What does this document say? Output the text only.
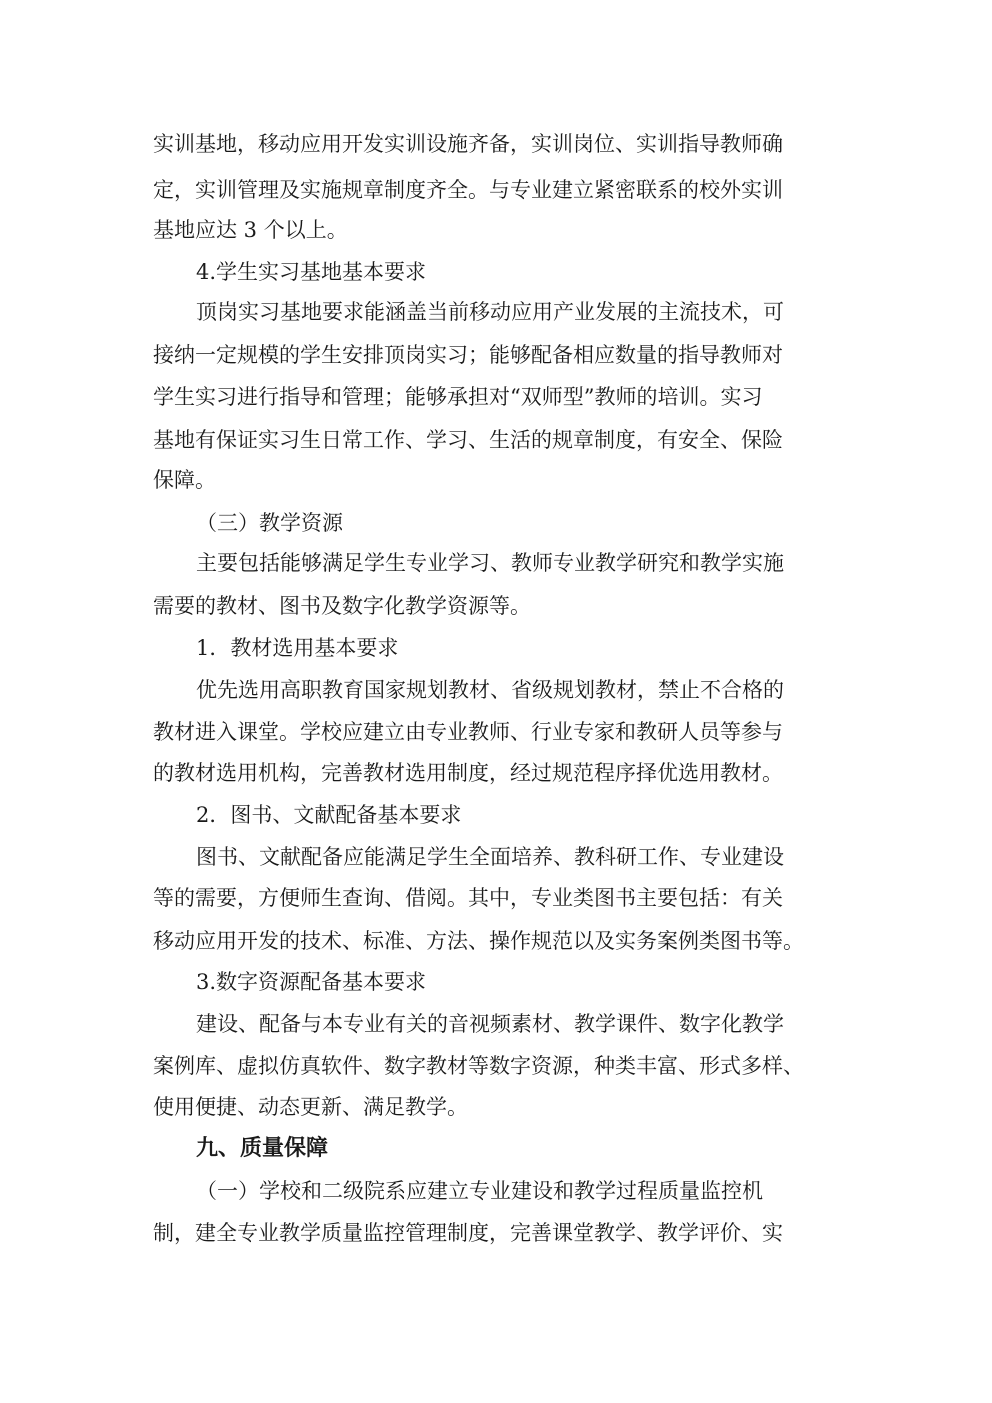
实训基地，移动应用开发实训设施齐备，实训岗位、实训指导教师确
定，实训管理及实施规章制度齐全。与专业建立紧密联系的校外实训
基地应达 3 个以上。
4.学生实习基地基本要求
顶岗实习基地要求能涵盖当前移动应用产业发展的主流技术，可
接纳一定规模的学生安排顶岗实习；能够配备相应数量的指导教师对
学生实习进行指导和管理；能够承担对“双师型”教师的培训。实习
基地有保证实习生日常工作、学习、生活的规章制度，有安全、保险
保障。
（三）教学资源
主要包括能够满足学生专业学习、教师专业教学研究和教学实施
需要的教材、图书及数字化教学资源等。
1．教材选用基本要求
优先选用高职教育国家规划教材、省级规划教材，禁止不合格的
教材进入课堂。学校应建立由专业教师、行业专家和教研人员等参与
的教材选用机构，完善教材选用制度，经过规范程序择优选用教材。
2．图书、文献配备基本要求
图书、文献配备应能满足学生全面培养、教科研工作、专业建设
等的需要，方便师生查询、借阅。其中，专业类图书主要包括：有关
移动应用开发的技术、标准、方法、操作规范以及实务案例类图书等。
3.数字资源配备基本要求
建设、配备与本专业有关的音视频素材、教学课件、数字化教学
案例库、虚拟仿真软件、数字教材等数字资源，种类丰富、形式多样、
使用便捷、动态更新、满足教学。
九、质量保障
（一）学校和二级院系应建立专业建设和教学过程质量监控机
制，建全专业教学质量监控管理制度，完善课堂教学、教学评价、实
